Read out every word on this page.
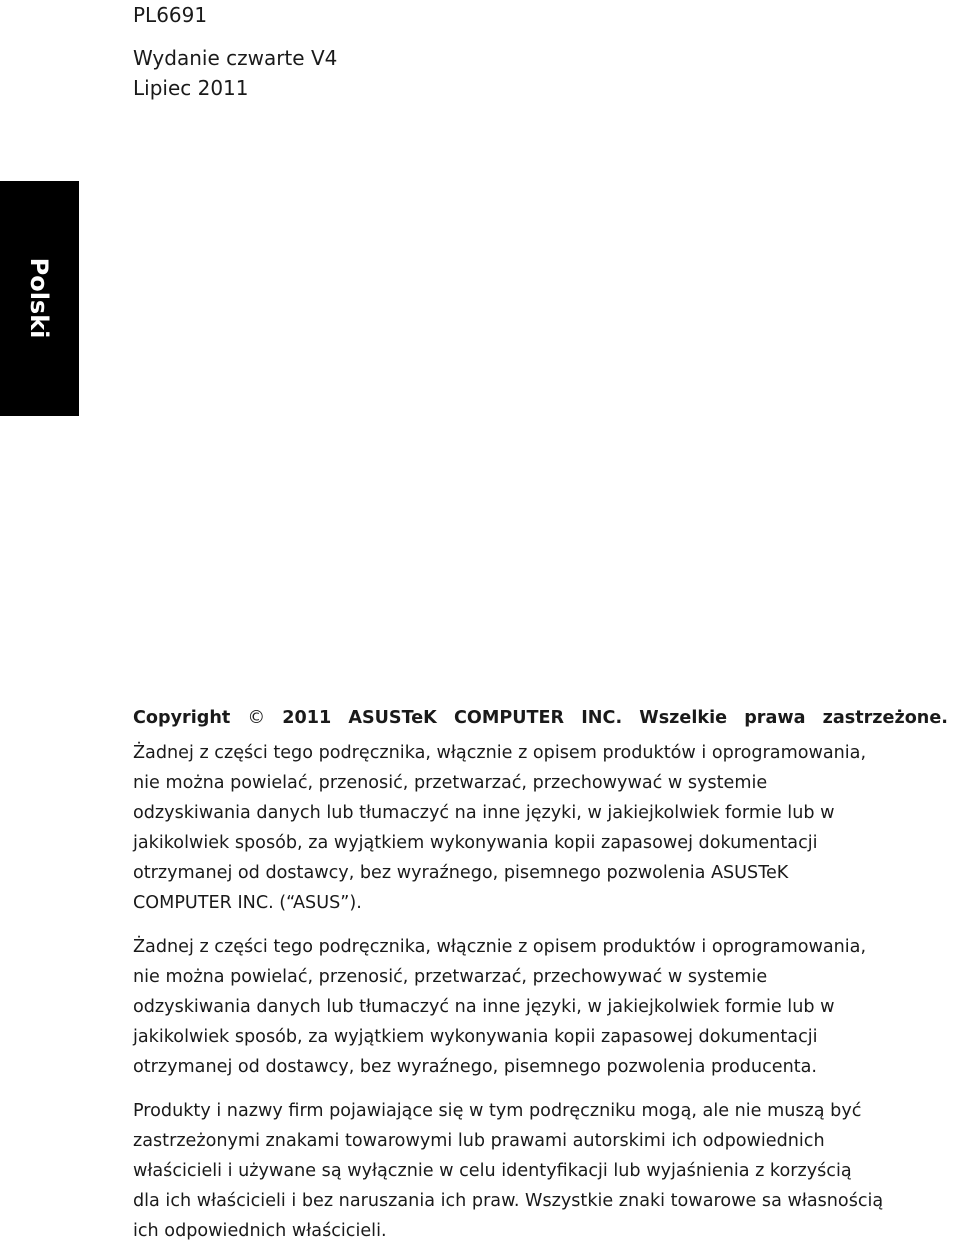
PL6691
Wydanie czwarte V4
Lipiec 2011
Polski
Copyright © 2011 ASUSTeK COMPUTER INC. Wszelkie prawa zastrzeżone.

Żadnej z części tego podręcznika, włącznie z opisem produktów i oprogramowania,
nie można powielać, przenosić, przetwarzać, przechowywać w systemie
odzyskiwania danych lub tłumaczyć na inne języki, w jakiejkolwiek formie lub w
jakikolwiek sposób, za wyjątkiem wykonywania kopii zapasowej dokumentacji
otrzymanej od dostawcy, bez wyraźnego, pisemnego pozwolenia ASUSTeK
COMPUTER INC. (“ASUS”).

Żadnej z części tego podręcznika, włącznie z opisem produktów i oprogramowania,
nie można powielać, przenosić, przetwarzać, przechowywać w systemie
odzyskiwania danych lub tłumaczyć na inne języki, w jakiejkolwiek formie lub w
jakikolwiek sposób, za wyjątkiem wykonywania kopii zapasowej dokumentacji
otrzymanej od dostawcy, bez wyraźnego, pisemnego pozwolenia producenta.

Produkty i nazwy firm pojawiające się w tym podręczniku mogą, ale nie muszą być
zastrzeżonymi znakami towarowymi lub prawami autorskimi ich odpowiednich
właścicieli i używane są wyłącznie w celu identyfikacji lub wyjaśnienia z korzyścią
dla ich właścicieli i bez naruszania ich praw. Wszystkie znaki towarowe sa własnością
ich odpowiednich właścicieli.
